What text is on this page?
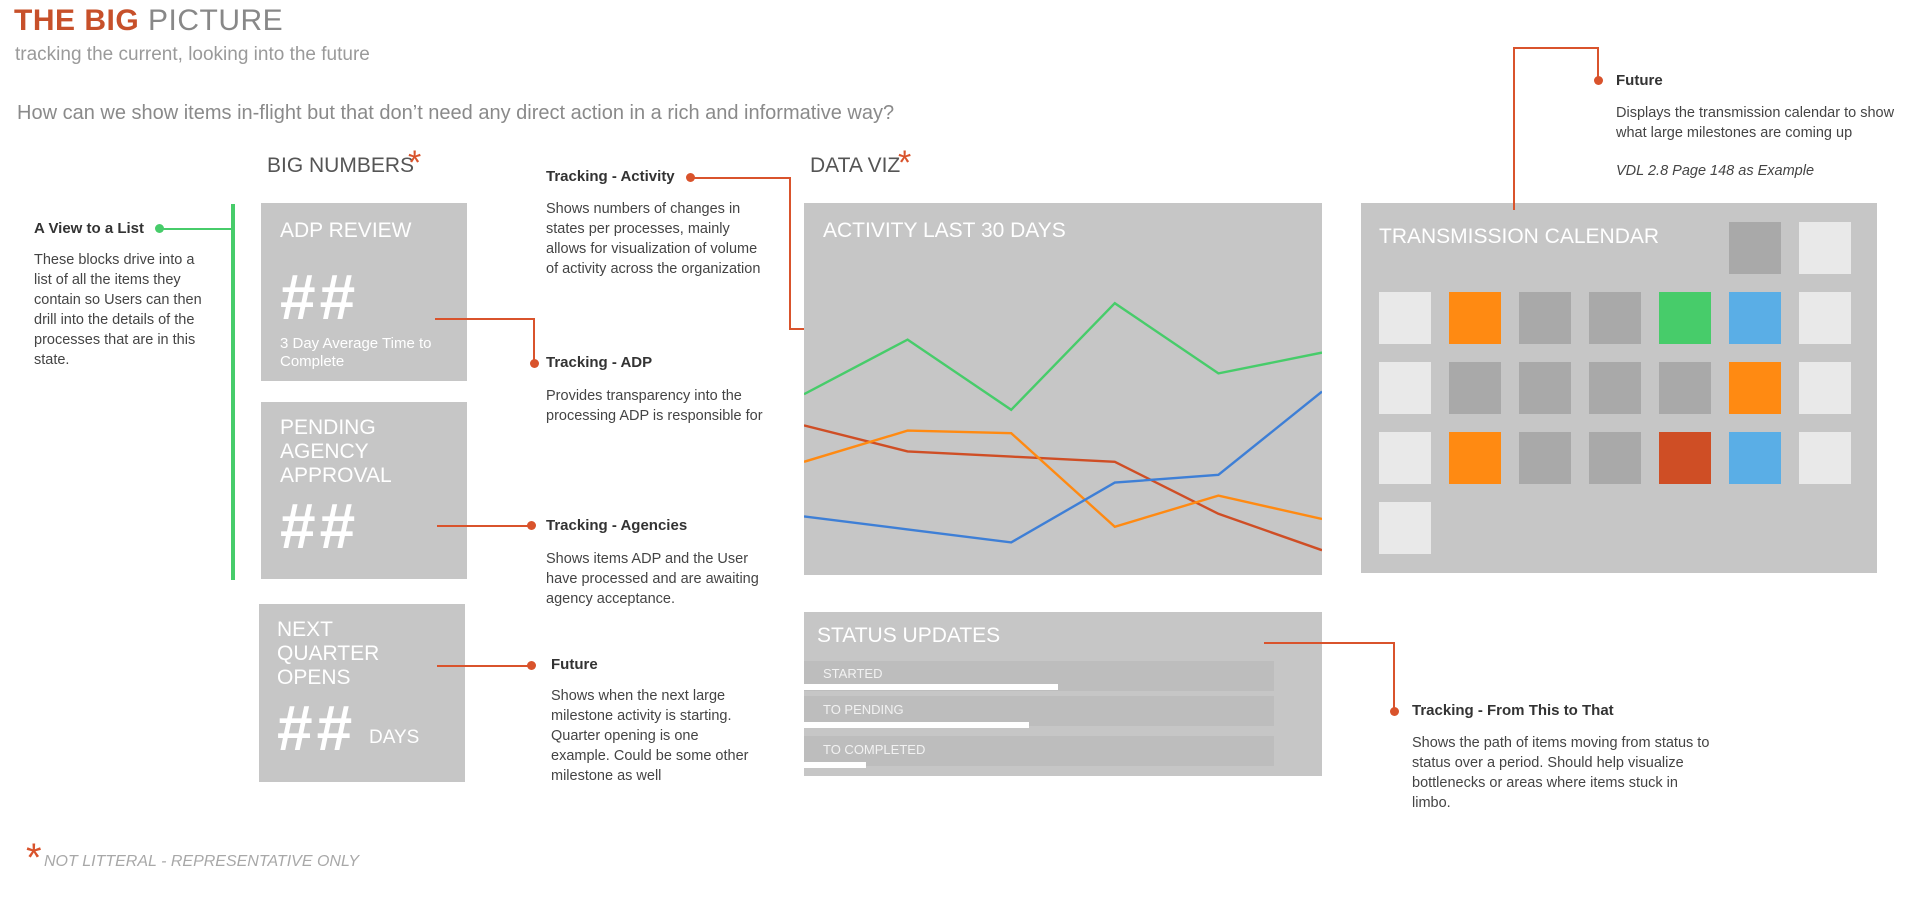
THE BIG PICTURE
tracking the current, looking into the future
How can we show items in-flight but that don’t need any direct action in a rich and informative way?
BIG NUMBERS
*	DATA VIZ
*
A View to a List
These blocks drive into a list of all the items they contain so Users can then drill into the details of the processes that are in this state.
ADP REVIEW
##
3 Day Average Time to Complete
PENDING AGENCY APPROVAL
##
NEXT QUARTER OPENS
## DAYS
Tracking - Activity
Shows numbers of changes in states per processes, mainly allows for visualization of volume of activity across the organization
Tracking - ADP
Provides transparency into the processing ADP is responsible for
Tracking - Agencies
Shows items ADP and the User have processed and are awaiting agency acceptance.
Future
Shows when the next large milestone activity is starting. Quarter opening is one example. Could be some other milestone as well
ACTIVITY LAST 30 DAYS
STATUS UPDATES
STARTED
TO PENDING
TO COMPLETED
Tracking - From This to That
Shows the path of items moving from status to status over a period. Should help visualize bottlenecks or areas where items stuck in limbo.
TRANSMISSION CALENDAR
Future
Displays the transmission calendar to show what large milestones are coming up
VDL 2.8 Page 148 as Example
* NOT LITTERAL - REPRESENTATIVE ONLY
